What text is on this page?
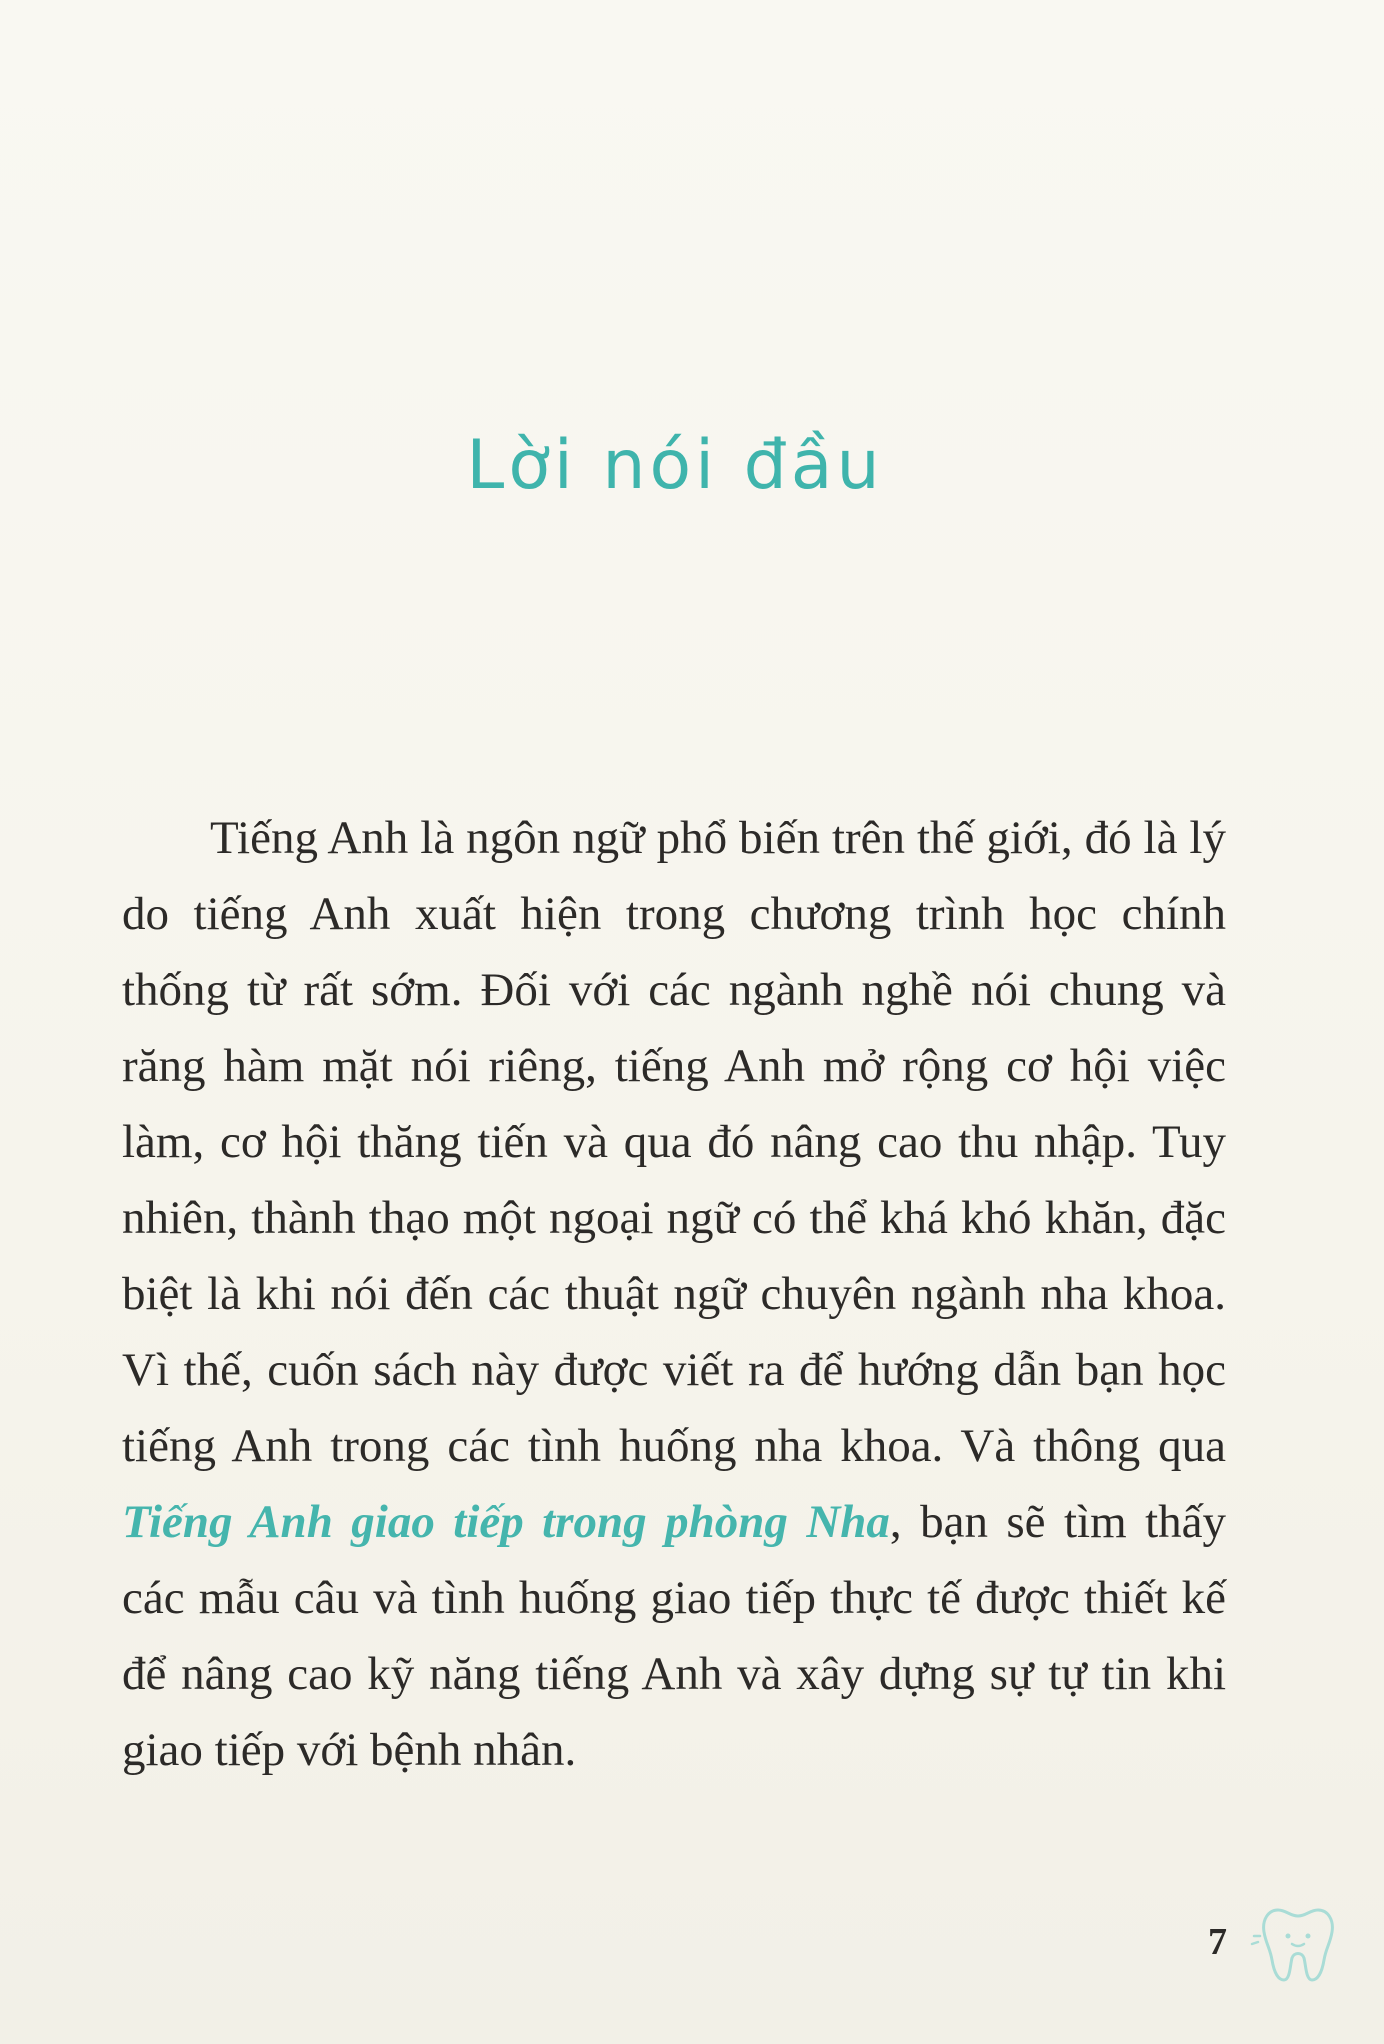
Lời nói đầu

Tiếng Anh là ngôn ngữ phổ biến trên thế giới, đó là lý do tiếng Anh xuất hiện trong chương trình học chính thống từ rất sớm. Đối với các ngành nghề nói chung và răng hàm mặt nói riêng, tiếng Anh mở rộng cơ hội việc làm, cơ hội thăng tiến và qua đó nâng cao thu nhập. Tuy nhiên, thành thạo một ngoại ngữ có thể khá khó khăn, đặc biệt là khi nói đến các thuật ngữ chuyên ngành nha khoa. Vì thế, cuốn sách này được viết ra để hướng dẫn bạn học tiếng Anh trong các tình huống nha khoa. Và thông qua Tiếng Anh giao tiếp trong phòng Nha, bạn sẽ tìm thấy các mẫu câu và tình huống giao tiếp thực tế được thiết kế để nâng cao kỹ năng tiếng Anh và xây dựng sự tự tin khi giao tiếp với bệnh nhân.

7
